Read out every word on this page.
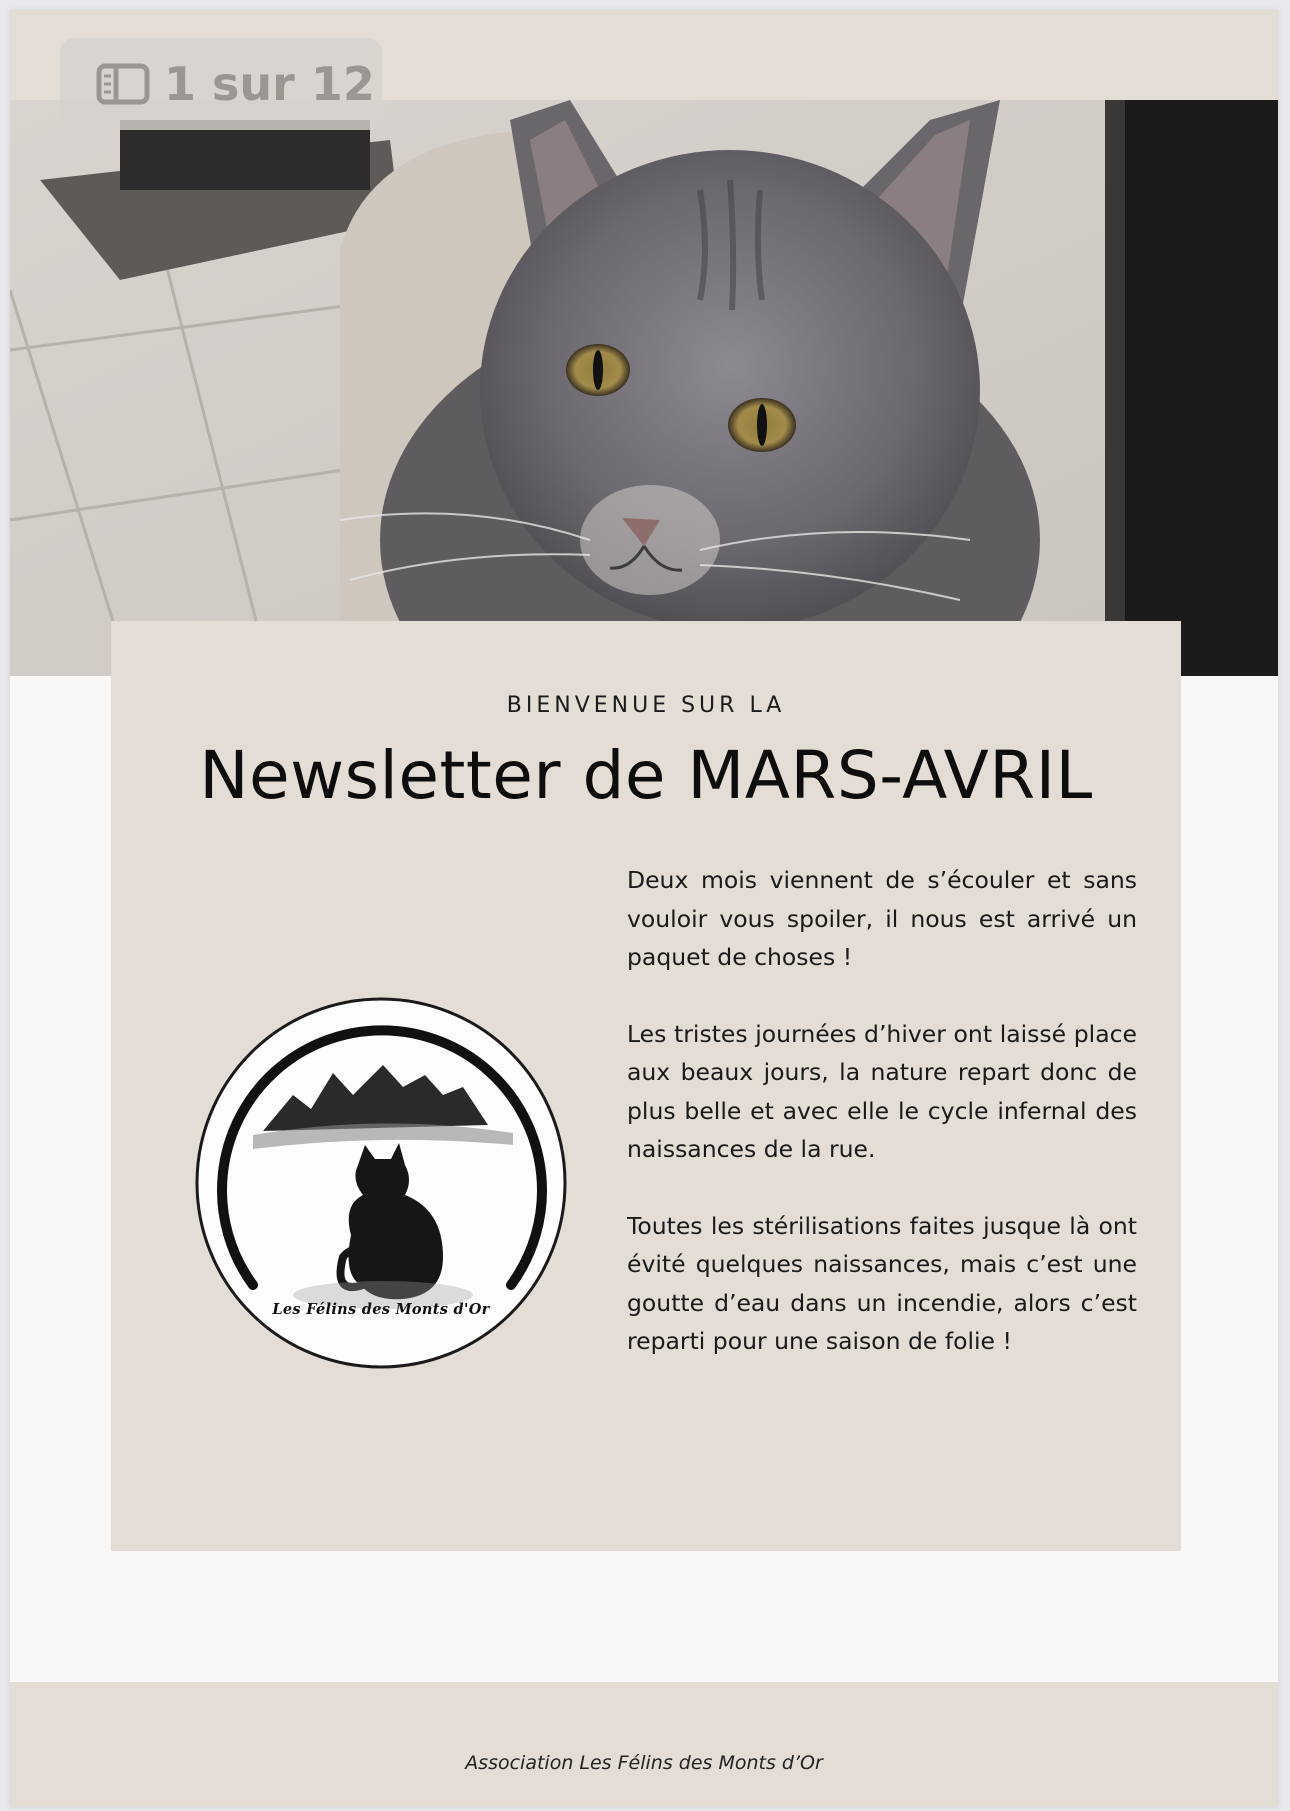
BIENVENUE SUR LA
Newsletter de MARS-AVRIL
Les Félins des Monts d'Or

Deux mois viennent de s’écouler et sans vouloir vous spoiler, il nous est arrivé un paquet de choses !

Les tristes journées d’hiver ont laissé place aux beaux jours, la nature repart donc de plus belle et avec elle le cycle infernal des naissances de la rue.

Toutes les stérilisations faites jusque là ont évité quelques naissances, mais c’est une goutte d’eau dans un incendie, alors c’est reparti pour une saison de folie !

Association Les Félins des Monts d’Or
1 sur 12
